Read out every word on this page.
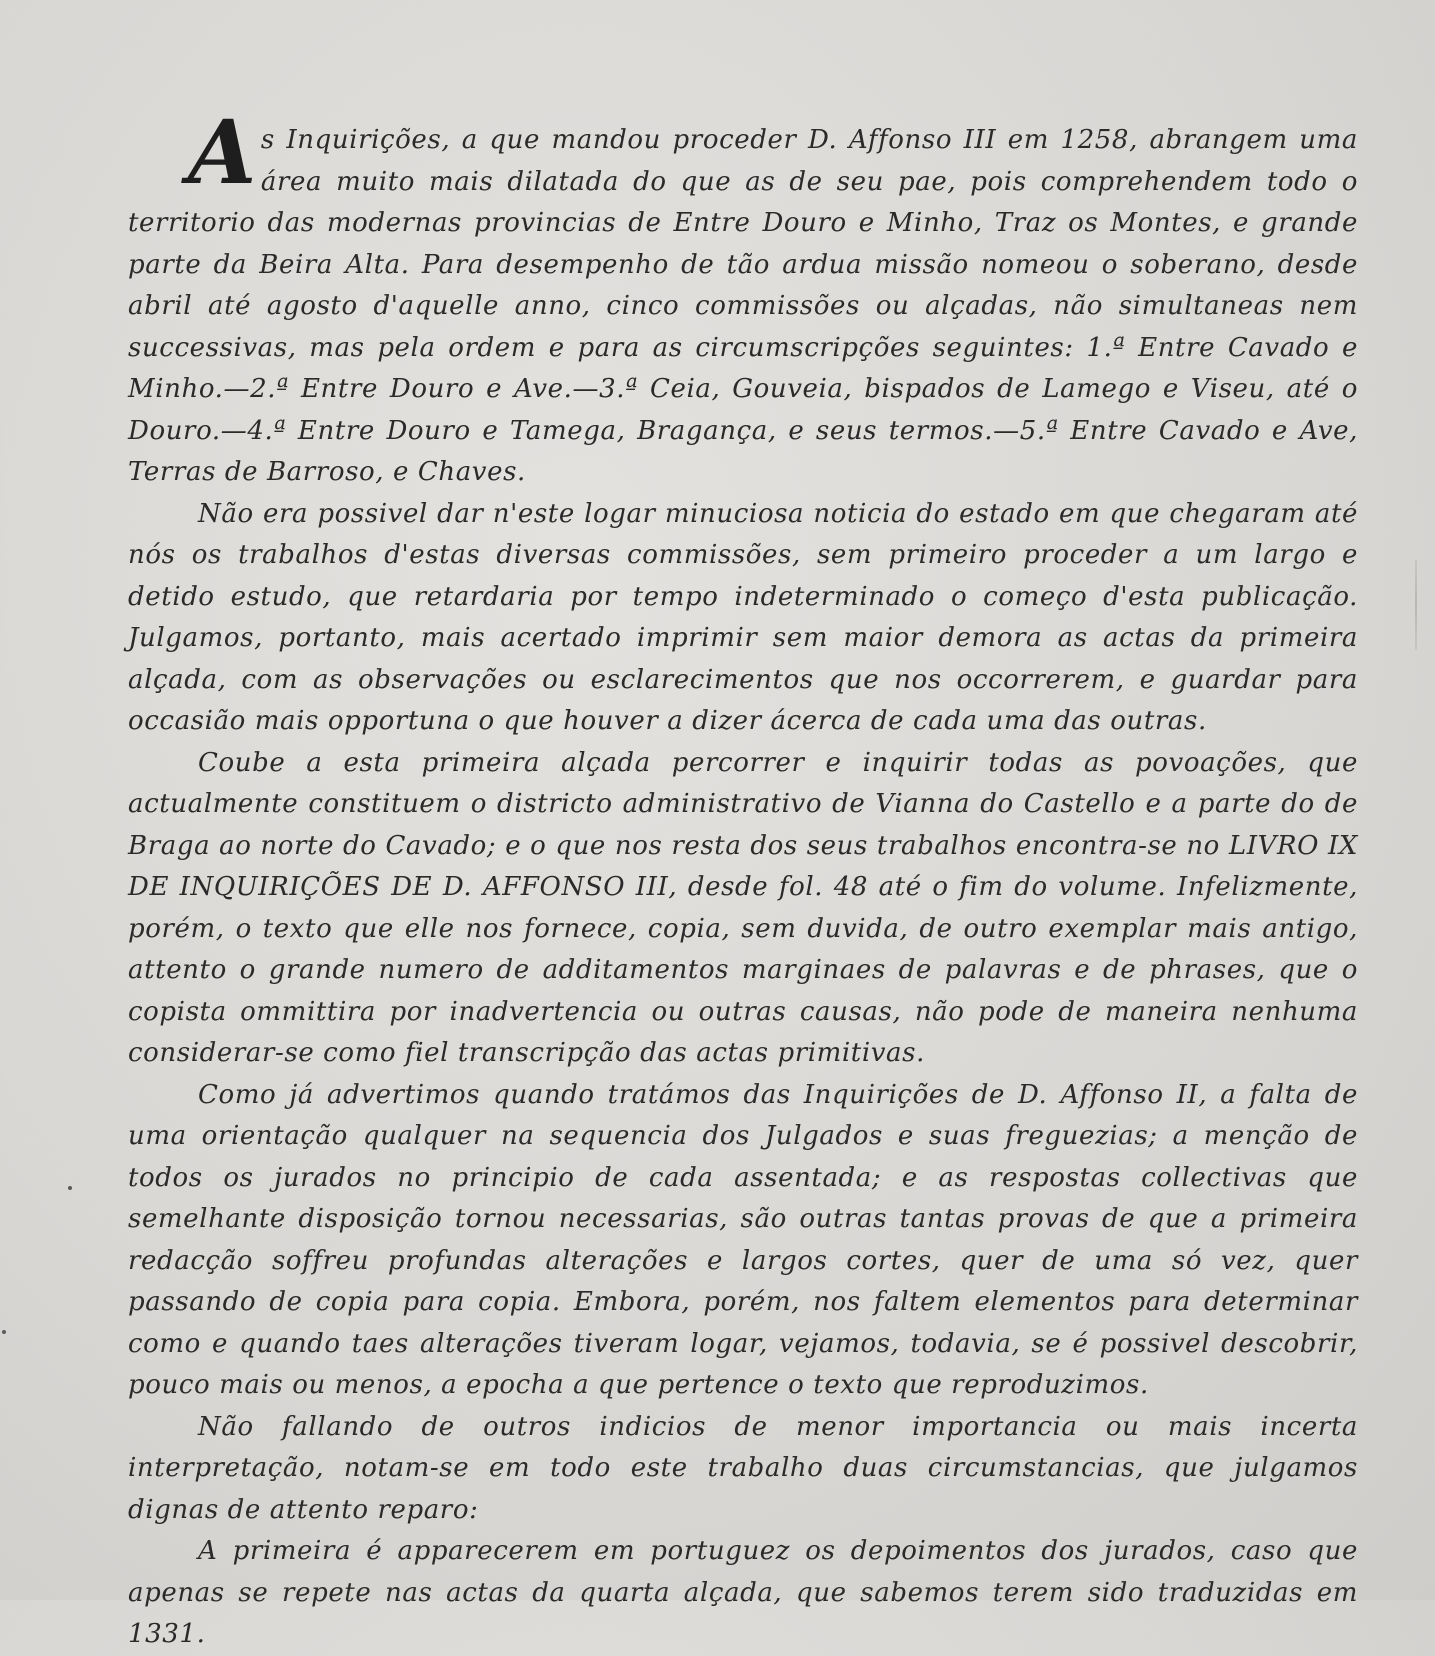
As Inquirições, a que mandou proceder D. Affonso III em 1258, abrangem uma área muito mais dilatada do que as de seu pae, pois comprehendem todo o territorio das modernas provincias de Entre Douro e Minho, Traz os Montes, e grande parte da Beira Alta. Para desempenho de tão ardua missão nomeou o soberano, desde abril até agosto d'aquelle anno, cinco commissões ou alçadas, não simultaneas nem successivas, mas pela ordem e para as circumscripções seguintes: 1.ª Entre Cavado e Minho.—2.ª Entre Douro e Ave.—3.ª Ceia, Gouveia, bispados de Lamego e Viseu, até o Douro.—4.ª Entre Douro e Tamega, Bragança, e seus termos.—5.ª Entre Cavado e Ave, Terras de Barroso, e Chaves.

Não era possivel dar n'este logar minuciosa noticia do estado em que chegaram até nós os trabalhos d'estas diversas commissões, sem primeiro proceder a um largo e detido estudo, que retardaria por tempo indeterminado o começo d'esta publicação. Julgamos, portanto, mais acertado imprimir sem maior demora as actas da primeira alçada, com as observações ou esclarecimentos que nos occorrerem, e guardar para occasião mais opportuna o que houver a dizer ácerca de cada uma das outras.

Coube a esta primeira alçada percorrer e inquirir todas as povoações, que actualmente constituem o districto administrativo de Vianna do Castello e a parte do de Braga ao norte do Cavado; e o que nos resta dos seus trabalhos encontra-se no LIVRO IX DE INQUIRIÇÕES DE D. AFFONSO III, desde fol. 48 até o fim do volume. Infelizmente, porém, o texto que elle nos fornece, copia, sem duvida, de outro exemplar mais antigo, attento o grande numero de additamentos marginaes de palavras e de phrases, que o copista ommittira por inadvertencia ou outras causas, não pode de maneira nenhuma considerar-se como fiel transcripção das actas primitivas.

Como já advertimos quando tratámos das Inquirições de D. Affonso II, a falta de uma orientação qualquer na sequencia dos Julgados e suas freguezias; a menção de todos os jurados no principio de cada assentada; e as respostas collectivas que semelhante disposição tornou necessarias, são outras tantas provas de que a primeira redacção soffreu profundas alterações e largos cortes, quer de uma só vez, quer passando de copia para copia. Embora, porém, nos faltem elementos para determinar como e quando taes alterações tiveram logar, vejamos, todavia, se é possivel descobrir, pouco mais ou menos, a epocha a que pertence o texto que reproduzimos.

Não fallando de outros indicios de menor importancia ou mais incerta interpretação, notam-se em todo este trabalho duas circumstancias, que julgamos dignas de attento reparo:

A primeira é apparecerem em portuguez os depoimentos dos jurados, caso que apenas se repete nas actas da quarta alçada, que sabemos terem sido traduzidas em 1331.
